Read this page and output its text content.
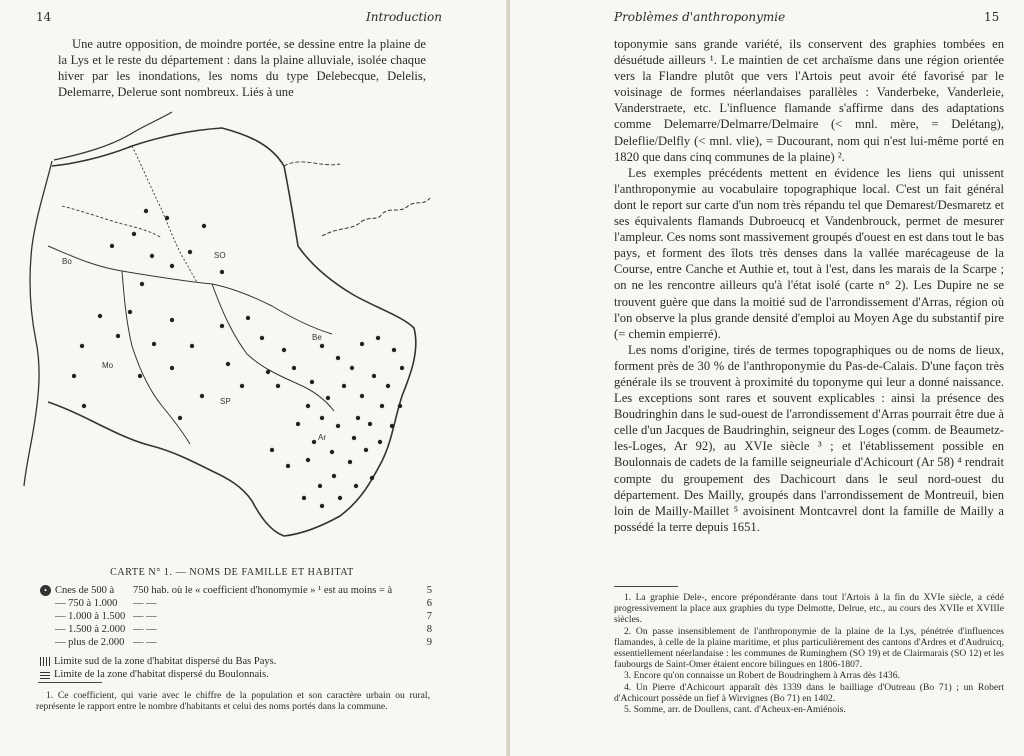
14	Introduction

Une autre opposition, de moindre portée, se dessine entre la plaine de la Lys et le reste du département : dans la plaine alluviale, isolée chaque hiver par les inondations, les noms du type Delebecque, Delelis, Delemarre, Delerue sont nombreux. Liés à une

Bo
SO
Mo
SP
Ar
Be
CARTE N° 1. — NOMS DE FAMILLE ET HABITAT
• Cnes de 500 à	750 hab. où le « coefficient d'honomymie » ¹ est au moins = à	5
— 750 à 1.000	— —	6
— 1.000 à 1.500 — —	7
— 1.500 à 2.000 — —	8
— plus de 2.000 — —	9
Limite sud de la zone d'habitat dispersé du Bas Pays.
Limite de la zone d'habitat dispersé du Boulonnais.

1. Ce coefficient, qui varie avec le chiffre de la population et son caractère urbain ou rural, représente le rapport entre le nombre d'habitants et celui des noms portés dans la commune.

Problèmes d'anthroponymie	15

toponymie sans grande variété, ils conservent des graphies tombées en désuétude ailleurs ¹. Le maintien de cet archaïsme dans une région orientée vers la Flandre plutôt que vers l'Artois peut avoir été favorisé par le voisinage de formes néerlandaises parallèles : Vanderbeke, Vanderleie, Vanderstraete, etc. L'influence flamande s'affirme dans des adaptations comme Delemarre/Delmarre/Delmaire (< mnl. mère, = Delétang), Deleflie/Delfly (< mnl. vlie), = Ducourant, nom qui n'est lui-même porté en 1820 que dans cinq communes de la plaine) ².

Les exemples précédents mettent en évidence les liens qui unissent l'anthroponymie au vocabulaire topographique local. C'est un fait général dont le report sur carte d'un nom très répandu tel que Demarest/Desmaretz et ses équivalents flamands Dubroeucq et Vandenbrouck, permet de mesurer l'ampleur. Ces noms sont massivement groupés d'ouest en est dans tout le bas pays, et forment des îlots très denses dans la vallée marécageuse de la Course, entre Canche et Authie et, tout à l'est, dans les marais de la Scarpe ; on ne les rencontre ailleurs qu'à l'état isolé (carte n° 2). Les Dupire ne se trouvent guère que dans la moitié sud de l'arrondissement d'Arras, région où l'on observe la plus grande densité d'emploi au Moyen Age du substantif pire (= chemin empierré).

Les noms d'origine, tirés de termes topographiques ou de noms de lieux, forment près de 30 % de l'anthroponymie du Pas-de-Calais. D'une façon très générale ils se trouvent à proximité du toponyme qui leur a donné naissance. Les exceptions sont rares et souvent explicables : ainsi la présence des Boudringhin dans le sud-ouest de l'arrondissement d'Arras pourrait être due à celle d'un Jacques de Baudringhin, seigneur des Loges (comm. de Beaumetz-les-Loges, Ar 92), au XVIe siècle ³ ; et l'établissement possible en Boulonnais de cadets de la famille seigneuriale d'Achicourt (Ar 58) ⁴ rendrait compte du groupement des Dachicourt dans le seul nord-ouest du département. Des Mailly, groupés dans l'arrondissement de Montreuil, bien loin de Mailly-Maillet ⁵ avoisinent Montcavrel dont la famille de Mailly a possédé la terre depuis 1651.

1. La graphie Dele-, encore prépondérante dans tout l'Artois à la fin du XVIe siècle, a cédé progressivement la place aux graphies du type Delmotte, Delrue, etc., au cours des XVIIe et XVIIIe siècles.

2. On passe insensiblement de l'anthroponymie de la plaine de la Lys, pénétrée d'influences flamandes, à celle de la plaine maritime, et plus particulièrement des cantons d'Ardres et d'Audruicq, essentiellement néerlandaise : les communes de Ruminghem (SO 19) et de Clairmarais (SO 12) et les faubourgs de Saint-Omer étaient encore bilingues en 1806-1807.

3. Encore qu'on connaisse un Robert de Boudringhem à Arras dès 1436.

4. Un Pierre d'Achicourt apparaît dès 1339 dans le bailliage d'Outreau (Bo 71) ; un Robert d'Achicourt possède un fief à Wirvignes (Bo 71) en 1402.

5. Somme, arr. de Doullens, cant. d'Acheux-en-Amiénois.
